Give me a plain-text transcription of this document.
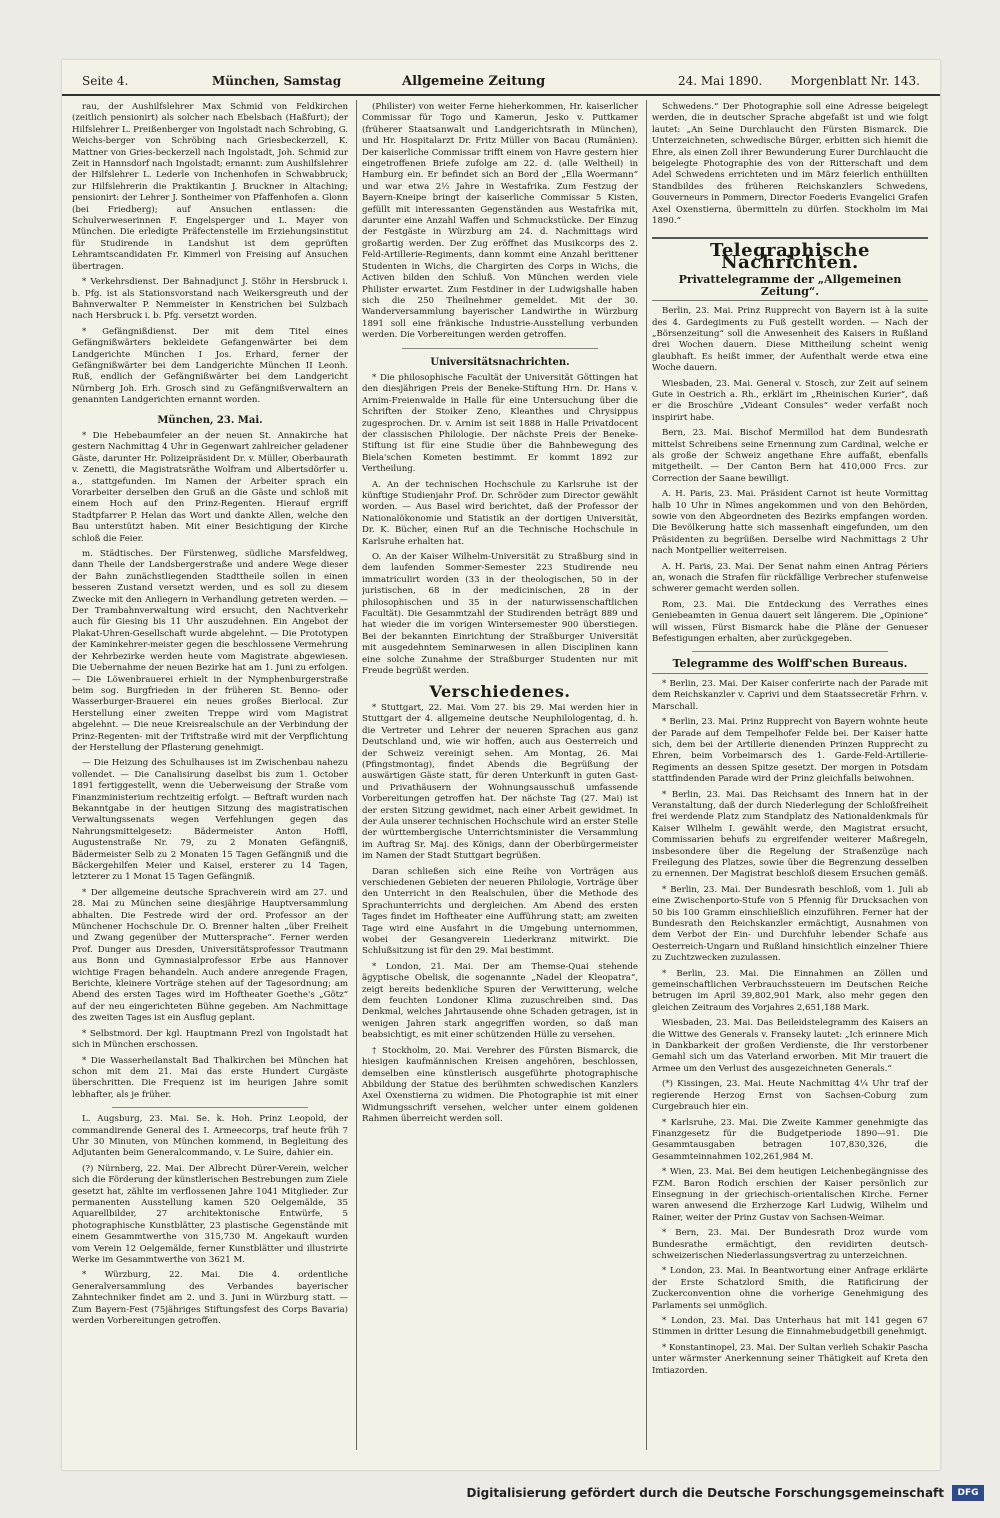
Seite 4.	München, Samstag	Allgemeine Zeitung	24. Mai 1890. Morgenblatt Nr. 143.

rau, der Aushilfslehrer Max Schmid von Feldkirchen (zeitlich pensionirt) als solcher nach Ebelsbach (Haßfurt); der Hilfslehrer L. Preißenberger von Ingolstadt nach Schrobing, G. Weichs-berger von Schröbing nach Griesbeckerzell, K. Mattner von Gries-beckerzell nach Ingolstadt, Joh. Schmid zur Zeit in Hannsdorf nach Ingolstadt; ernannt: zum Aushilfslehrer der Hilfslehrer L. Lederle von Inchenhofen in Schwabbruck; zur Hilfslehrerin die Praktikantin J. Bruckner in Altaching; pensionirt: der Lehrer J. Sontheimer von Pfaffenhofen a. Glonn (bei Friedberg); auf Ansuchen entlassen: die Schulverweserinnen F. Engelsperger und L. Mayer von München. Die erledigte Präfectenstelle im Erziehungsinstitut für Studirende in Landshut ist dem geprüften Lehramtscandidaten Fr. Kimmerl von Freising auf Ansuchen übertragen.

* Verkehrsdienst. Der Bahnadjunct J. Stöhr in Hersbruck i. b. Pfg. ist als Stationsvorstand nach Weikersgreuth und der Bahnverwalter P. Nemmeister in Kenstrichen bei Sulzbach nach Hersbruck i. b. Pfg. versetzt worden.

* Gefängnißdienst. Der mit dem Titel eines Gefängnißwärters bekleidete Gefangenwärter bei dem Landgerichte München I Jos. Erhard, ferner der Gefängnißwärter bei dem Landgerichte München II Leonh. Ruß, endlich der Gefängnißwärter bei dem Landgericht Nürnberg Joh. Erh. Grosch sind zu Gefängnißverwaltern an genannten Landgerichten ernannt worden.

München, 23. Mai.

* Die Hebebaumfeier an der neuen St. Annakirche hat gestern Nachmittag 4 Uhr in Gegenwart zahlreicher geladener Gäste, darunter Hr. Polizeipräsident Dr. v. Müller, Oberbaurath v. Zenetti, die Magistratsräthe Wolfram und Albertsdörfer u. a., stattgefunden. Im Namen der Arbeiter sprach ein Vorarbeiter derselben den Gruß an die Gäste und schloß mit einem Hoch auf den Prinz-Regenten. Hierauf ergriff Stadtpfarrer P. Helan das Wort und dankte Allen, welche den Bau unterstützt haben. Mit einer Besichtigung der Kirche schloß die Feier.

m. Städtisches. Der Fürstenweg, südliche Marsfeldweg, dann Theile der Landsbergerstraße und andere Wege dieser der Bahn zunächstliegenden Stadttheile sollen in einen besseren Zustand versetzt werden, und es soll zu diesem Zwecke mit den Anliegern in Verhandlung getreten werden. — Der Trambahnverwaltung wird ersucht, den Nachtverkehr auch für Giesing bis 11 Uhr auszudehnen. Ein Angebot der Plakat-Uhren-Gesellschaft wurde abgelehnt. — Die Prototypen der Kaminkehrer-meister gegen die beschlossene Vermehrung der Kehrbezirke werden heute vom Magistrate abgewiesen. Die Uebernahme der neuen Bezirke hat am 1. Juni zu erfolgen. — Die Löwenbrauerei erhielt in der Nymphenburgerstraße beim sog. Burgfrieden in der früheren St. Benno- oder Wasserburger-Brauerei ein neues großes Bierlocal. Zur Herstellung einer zweiten Treppe wird vom Magistrat abgelehnt. — Die neue Kreisrealschule an der Verbindung der Prinz-Regenten- mit der Triftstraße wird mit der Verpflichtung der Herstellung der Pflasterung genehmigt.

— Die Heizung des Schulhauses ist im Zwischenbau nahezu vollendet. — Die Canalisirung daselbst bis zum 1. October 1891 fertiggestellt, wenn die Ueberweisung der Straße vom Finanzministerium rechtzeitig erfolgt. — Beftraft wurden nach Bekanntgabe in der heutigen Sitzung des magistratischen Verwaltungssenats wegen Verfehlungen gegen das Nahrungsmittelgesetz: Bädermeister Anton Hoffl, Augustenstraße Nr. 79, zu 2 Monaten Gefängniß, Bädermeister Selb zu 2 Monaten 15 Tagen Gefängniß und die Bäckergehilfen Meier und Kaisel, ersterer zu 14 Tagen, letzterer zu 1 Monat 15 Tagen Gefängniß.

* Der allgemeine deutsche Sprachverein wird am 27. und 28. Mai zu München seine diesjährige Hauptversammlung abhalten. Die Festrede wird der ord. Professor an der Münchener Hochschule Dr. O. Brenner halten „über Freiheit und Zwang gegenüber der Muttersprache“. Ferner werden Prof. Dunger aus Dresden, Universitätsprofessor Trautmann aus Bonn und Gymnasialprofessor Erbe aus Hannover wichtige Fragen behandeln. Auch andere anregende Fragen, Berichte, kleinere Vorträge stehen auf der Tagesordnung; am Abend des ersten Tages wird im Hoftheater Goethe's „Götz“ auf der neu eingerichteten Bühne gegeben. Am Nachmittage des zweiten Tages ist ein Ausflug geplant.

* Selbstmord. Der kgl. Hauptmann Prezl von Ingolstadt hat sich in München erschossen.

* Die Wasserheilanstalt Bad Thalkirchen bei München hat schon mit dem 21. Mai das erste Hundert Curgäste überschritten. Die Frequenz ist im heurigen Jahre somit lebhafter, als je früher.

L. Augsburg, 23. Mai. Se. k. Hoh. Prinz Leopold, der commandirende General des I. Armeecorps, traf heute früh 7 Uhr 30 Minuten, von München kommend, in Begleitung des Adjutanten beim Generalcommando, v. Le Suire, dahier ein.

(?) Nürnberg, 22. Mai. Der Albrecht Dürer-Verein, welcher sich die Förderung der künstlerischen Bestrebungen zum Ziele gesetzt hat, zählte im verflossenen Jahre 1041 Mitglieder. Zur permanenten Ausstellung kamen 520 Oelgemälde, 35 Aquarellbilder, 27 architektonische Entwürfe, 5 photographische Kunstblätter, 23 plastische Gegenstände mit einem Gesammtwerthe von 315,730 M. Angekauft wurden vom Verein 12 Oelgemälde, ferner Kunstblätter und illustrirte Werke im Gesammtwerthe von 3621 M.

* Würzburg, 22. Mai. Die 4. ordentliche Generalversammlung des Verbandes bayerischer Zahntechniker findet am 2. und 3. Juni in Würzburg statt. — Zum Bayern-Fest (75jähriges Stiftungsfest des Corps Bavaria) werden Vorbereitungen getroffen.

(Philister) von weiter Ferne hieherkommen, Hr. kaiserlicher Commissar für Togo und Kamerun, Jesko v. Puttkamer (früherer Staatsanwalt und Landgerichtsrath in München), und Hr. Hospitalarzt Dr. Fritz Müller von Bacau (Rumänien). Der kaiserliche Commissar trifft einem von Havre gestern hier eingetroffenen Briefe zufolge am 22. d. (alle Weltheil) in Hamburg ein. Er befindet sich an Bord der „Ella Woermann“ und war etwa 2½ Jahre in Westafrika. Zum Festzug der Bayern-Kneipe bringt der kaiserliche Commissar 5 Kisten, gefüllt mit interessanten Gegenständen aus Westafrika mit, darunter eine Anzahl Waffen und Schmuckstücke. Der Einzug der Festgäste in Würzburg am 24. d. Nachmittags wird großartig werden. Der Zug eröffnet das Musikcorps des 2. Feld-Artillerie-Regiments, dann kommt eine Anzahl berittener Studenten in Wichs, die Chargirten des Corps in Wichs, die Activen bilden den Schluß. Von München werden viele Philister erwartet. Zum Festdiner in der Ludwigshalle haben sich die 250 Theilnehmer gemeldet. Mit der 30. Wanderversammlung bayerischer Landwirthe in Würzburg 1891 soll eine fränkische Industrie-Ausstellung verbunden werden. Die Vorbereitungen werden getroffen.

Universitätsnachrichten.

* Die philosophische Facultät der Universität Göttingen hat den diesjährigen Preis der Beneke-Stiftung Hrn. Dr. Hans v. Arnim-Freienwalde in Halle für eine Untersuchung über die Schriften der Stoiker Zeno, Kleanthes und Chrysippus zugesprochen. Dr. v. Arnim ist seit 1888 in Halle Privatdocent der classischen Philologie. Der nächste Preis der Beneke-Stiftung ist für eine Studie über die Bahnbewegung des Biela'schen Kometen bestimmt. Er kommt 1892 zur Vertheilung.

A. An der technischen Hochschule zu Karlsruhe ist der künftige Studienjahr Prof. Dr. Schröder zum Director gewählt worden. — Aus Basel wird berichtet, daß der Professor der Nationalökonomie und Statistik an der dortigen Universität, Dr. K. Bücher, einen Ruf an die Technische Hochschule in Karlsruhe erhalten hat.

O. An der Kaiser Wilhelm-Universität zu Straßburg sind in dem laufenden Sommer-Semester 223 Studirende neu immatriculirt worden (33 in der theologischen, 50 in der juristischen, 68 in der medicinischen, 28 in der philosophischen und 35 in der naturwissenschaftlichen Facultät). Die Gesammtzahl der Studirenden beträgt 889 und hat wieder die im vorigen Wintersemester 900 überstiegen. Bei der bekannten Einrichtung der Straßburger Universität mit ausgedehntem Seminarwesen in allen Disciplinen kann eine solche Zunahme der Straßburger Studenten nur mit Freude begrüßt werden.

Verschiedenes.

* Stuttgart, 22. Mai. Vom 27. bis 29. Mai werden hier in Stuttgart der 4. allgemeine deutsche Neuphilologentag, d. h. die Vertreter und Lehrer der neueren Sprachen aus ganz Deutschland und, wie wir hoffen, auch aus Oesterreich und der Schweiz vereinigt sehen. Am Montag, 26. Mai (Pfingstmontag), findet Abends die Begrüßung der auswärtigen Gäste statt, für deren Unterkunft in guten Gast- und Privathäusern der Wohnungsausschuß umfassende Vorbereitungen getroffen hat. Der nächste Tag (27. Mai) ist der ersten Sitzung gewidmet, nach einer Arbeit gewidmet. In der Aula unserer technischen Hochschule wird an erster Stelle der württembergische Unterrichtsminister die Versammlung im Auftrag Sr. Maj. des Königs, dann der Oberbürgermeister im Namen der Stadt Stuttgart begrüßen.

Daran schließen sich eine Reihe von Vorträgen aus verschiedenen Gebieten der neueren Philologie, Vorträge über den Unterricht in den Realschulen, über die Methode des Sprachunterrichts und dergleichen. Am Abend des ersten Tages findet im Hoftheater eine Aufführung statt; am zweiten Tage wird eine Ausfahrt in die Umgebung unternommen, wobei der Gesangverein Liederkranz mitwirkt. Die Schlußsitzung ist für den 29. Mai bestimmt.

* London, 21. Mai. Der am Themse-Quai stehende ägyptische Obelisk, die sogenannte „Nadel der Kleopatra“, zeigt bereits bedenkliche Spuren der Verwitterung, welche dem feuchten Londoner Klima zuzuschreiben sind. Das Denkmal, welches Jahrtausende ohne Schaden getragen, ist in wenigen Jahren stark angegriffen worden, so daß man beabsichtigt, es mit einer schützenden Hülle zu versehen.

† Stockholm, 20. Mai. Verehrer des Fürsten Bismarck, die hiesigen kaufmännischen Kreisen angehören, beschlossen, demselben eine künstlerisch ausgeführte photographische Abbildung der Statue des berühmten schwedischen Kanzlers Axel Oxenstierna zu widmen. Die Photographie ist mit einer Widmungsschrift versehen, welcher unter einem goldenen Rahmen überreicht werden soll.

Schwedens.“ Der Photographie soll eine Adresse beigelegt werden, die in deutscher Sprache abgefaßt ist und wie folgt lautet: „An Seine Durchlaucht den Fürsten Bismarck. Die Unterzeichneten, schwedische Bürger, erbitten sich hiemit die Ehre, als einen Zoll ihrer Bewunderung Eurer Durchlaucht die beigelegte Photographie des von der Ritterschaft und dem Adel Schwedens errichteten und im März feierlich enthüllten Standbildes des früheren Reichskanzlers Schwedens, Gouverneurs in Pommern, Director Foederis Evangelici Grafen Axel Oxenstierna, übermitteln zu dürfen. Stockholm im Mai 1890.“

Telegraphische Nachrichten.
Privattelegramme der „Allgemeinen Zeitung“.

Berlin, 23. Mai. Prinz Rupprecht von Bayern ist à la suite des 4. Gardegiments zu Fuß gestellt worden. — Nach der „Börsenzeitung“ soll die Anwesenheit des Kaisers in Rußland drei Wochen dauern. Diese Mittheilung scheint wenig glaubhaft. Es heißt immer, der Aufenthalt werde etwa eine Woche dauern.

Wiesbaden, 23. Mai. General v. Stosch, zur Zeit auf seinem Gute in Oestrich a. Rh., erklärt im „Rheinischen Kurier“, daß er die Broschüre „Videant Consules“ weder verfaßt noch inspirirt habe.

Bern, 23. Mai. Bischof Mermillod hat dem Bundesrath mittelst Schreibens seine Ernennung zum Cardinal, welche er als große der Schweiz angethane Ehre auffaßt, ebenfalls mitgetheilt. — Der Canton Bern hat 410,000 Frcs. zur Correction der Saane bewilligt.

A. H. Paris, 23. Mai. Präsident Carnot ist heute Vormittag halb 10 Uhr in Nîmes angekommen und von den Behörden, sowie von den Abgeordneten des Bezirks empfangen worden. Die Bevölkerung hatte sich massenhaft eingefunden, um den Präsidenten zu begrüßen. Derselbe wird Nachmittags 2 Uhr nach Montpellier weiterreisen.

A. H. Paris, 23. Mai. Der Senat nahm einen Antrag Périers an, wonach die Strafen für rückfällige Verbrecher stufenweise schwerer gemacht werden sollen.

Rom, 23. Mai. Die Entdeckung des Verrathes eines Geniebeamten in Genua dauert seit längerem. Die „Opinione“ will wissen, Fürst Bismarck habe die Pläne der Genueser Befestigungen erhalten, aber zurückgegeben.

Telegramme des Wolff'schen Bureaus.

* Berlin, 23. Mai. Der Kaiser conferirte nach der Parade mit dem Reichskanzler v. Caprivi und dem Staatssecretär Frhrn. v. Marschall.

* Berlin, 23. Mai. Prinz Rupprecht von Bayern wohnte heute der Parade auf dem Tempelhofer Felde bei. Der Kaiser hatte sich, dem bei der Artillerie dienenden Prinzen Rupprecht zu Ehren, beim Vorbeimarsch des 1. Garde-Feld-Artillerie-Regiments an dessen Spitze gesetzt. Der morgen in Potsdam stattfindenden Parade wird der Prinz gleichfalls beiwohnen.

* Berlin, 23. Mai. Das Reichsamt des Innern hat in der Veranstaltung, daß der durch Niederlegung der Schloßfreiheit frei werdende Platz zum Standplatz des Nationaldenkmals für Kaiser Wilhelm I. gewählt werde, den Magistrat ersucht, Commissarien behufs zu ergreifender weiterer Maßregeln, insbesondere über die Regelung der Straßenzüge nach Freilegung des Platzes, sowie über die Begrenzung desselben zu ernennen. Der Magistrat beschloß diesem Ersuchen gemäß.

* Berlin, 23. Mai. Der Bundesrath beschloß, vom 1. Juli ab eine Zwischenporto-Stufe von 5 Pfennig für Drucksachen von 50 bis 100 Gramm einschließlich einzuführen. Ferner hat der Bundesrath den Reichskanzler ermächtigt, Ausnahmen von dem Verbot der Ein- und Durchfuhr lebender Schafe aus Oesterreich-Ungarn und Rußland hinsichtlich einzelner Thiere zu Zuchtzwecken zuzulassen.

* Berlin, 23. Mai. Die Einnahmen an Zöllen und gemeinschaftlichen Verbrauchssteuern im Deutschen Reiche betrugen im April 39,802,901 Mark, also mehr gegen den gleichen Zeitraum des Vorjahres 2,651,188 Mark.

Wiesbaden, 23. Mai. Das Beileidstelegramm des Kaisers an die Wittwe des Generals v. Franseky lautet: „Ich erinnere Mich in Dankbarkeit der großen Verdienste, die Ihr verstorbener Gemahl sich um das Vaterland erworben. Mit Mir trauert die Armee um den Verlust des ausgezeichneten Generals.“

(*) Kissingen, 23. Mai. Heute Nachmittag 4¼ Uhr traf der regierende Herzog Ernst von Sachsen-Coburg zum Curgebrauch hier ein.

* Karlsruhe, 23. Mai. Die Zweite Kammer genehmigte das Finanzgesetz für die Budgetperiode 1890—91. Die Gesammtausgaben betragen 107,830,326, die Gesammteinnahmen 102,261,984 M.

* Wien, 23. Mai. Bei dem heutigen Leichenbegängnisse des FZM. Baron Rodich erschien der Kaiser persönlich zur Einsegnung in der griechisch-orientalischen Kirche. Ferner waren anwesend die Erzherzoge Karl Ludwig, Wilhelm und Rainer, weiter der Prinz Gustav von Sachsen-Weimar.

* Bern, 23. Mai. Der Bundesrath Droz wurde vom Bundesrathe ermächtigt, den revidirten deutsch-schweizerischen Niederlassungsvertrag zu unterzeichnen.

* London, 23. Mai. In Beantwortung einer Anfrage erklärte der Erste Schatzlord Smith, die Ratificirung der Zuckerconvention ohne die vorherige Genehmigung des Parlaments sei unmöglich.

* London, 23. Mai. Das Unterhaus hat mit 141 gegen 67 Stimmen in dritter Lesung die Einnahmebudgetbill genehmigt.

* Konstantinopel, 23. Mai. Der Sultan verlieh Schakir Pascha unter wärmster Anerkennung seiner Thätigkeit auf Kreta den Imtiazorden.

Digitalisierung gefördert durch die Deutsche Forschungsgemeinschaft	DFG
